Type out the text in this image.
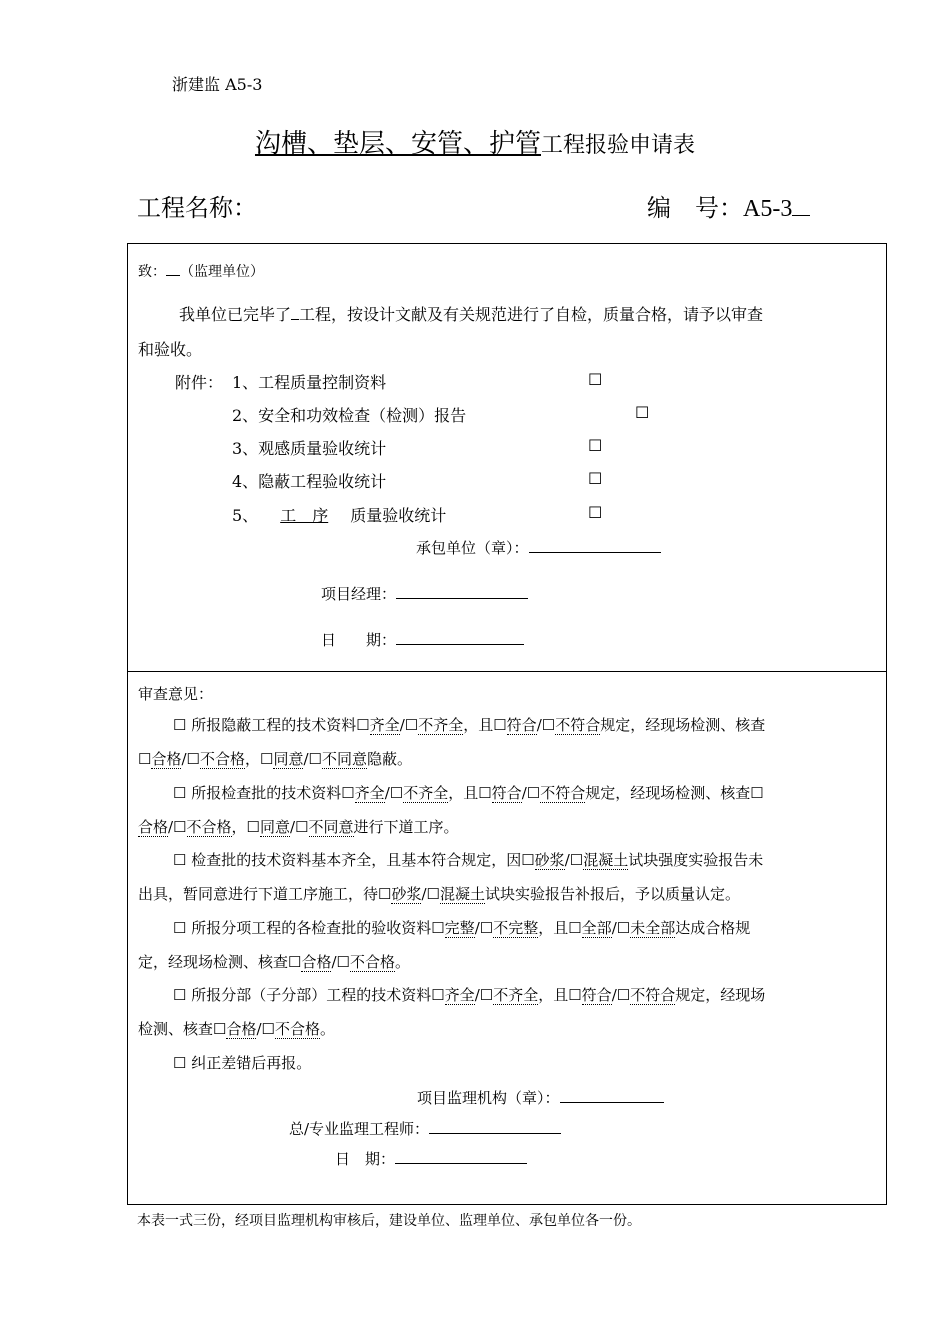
浙建监 A5-3
沟槽、垫层、安管、护管工程报验申请表
工程名称：	编　号：A5-3
致： （监理单位）
我单位已完毕了 工程，按设计文献及有关规范进行了自检，质量合格，请予以审查
和验收。
附件： 1、工程质量控制资料	☐
2、安全和功效检查（检测）报告	☐
3、观感质量验收统计	☐
4、隐蔽工程验收统计	☐
5、 工　序 质量验收统计	☐
承包单位（章）：
项目经理：
日　　期：
审查意见：
☐ 所报隐蔽工程的技术资料☐齐全/☐不齐全，且☐符合/☐不符合规定，经现场检测、核查
☐合格/☐不合格，☐同意/☐不同意隐蔽。
☐ 所报检查批的技术资料☐齐全/☐不齐全，且☐符合/☐不符合规定，经现场检测、核查☐
合格/☐不合格，☐同意/☐不同意进行下道工序。
☐ 检查批的技术资料基本齐全，且基本符合规定，因☐砂浆/☐混凝土试块强度实验报告未
出具，暂同意进行下道工序施工，待☐砂浆/☐混凝土试块实验报告补报后，予以质量认定。
☐ 所报分项工程的各检查批的验收资料☐完整/☐不完整，且☐全部/☐未全部达成合格规
定，经现场检测、核查☐合格/☐不合格。
☐ 所报分部（子分部）工程的技术资料☐齐全/☐不齐全，且☐符合/☐不符合规定，经现场
检测、核查☐合格/☐不合格。
☐ 纠正差错后再报。
项目监理机构（章）：
总/专业监理工程师：
日　期：
本表一式三份，经项目监理机构审核后，建设单位、监理单位、承包单位各一份。
